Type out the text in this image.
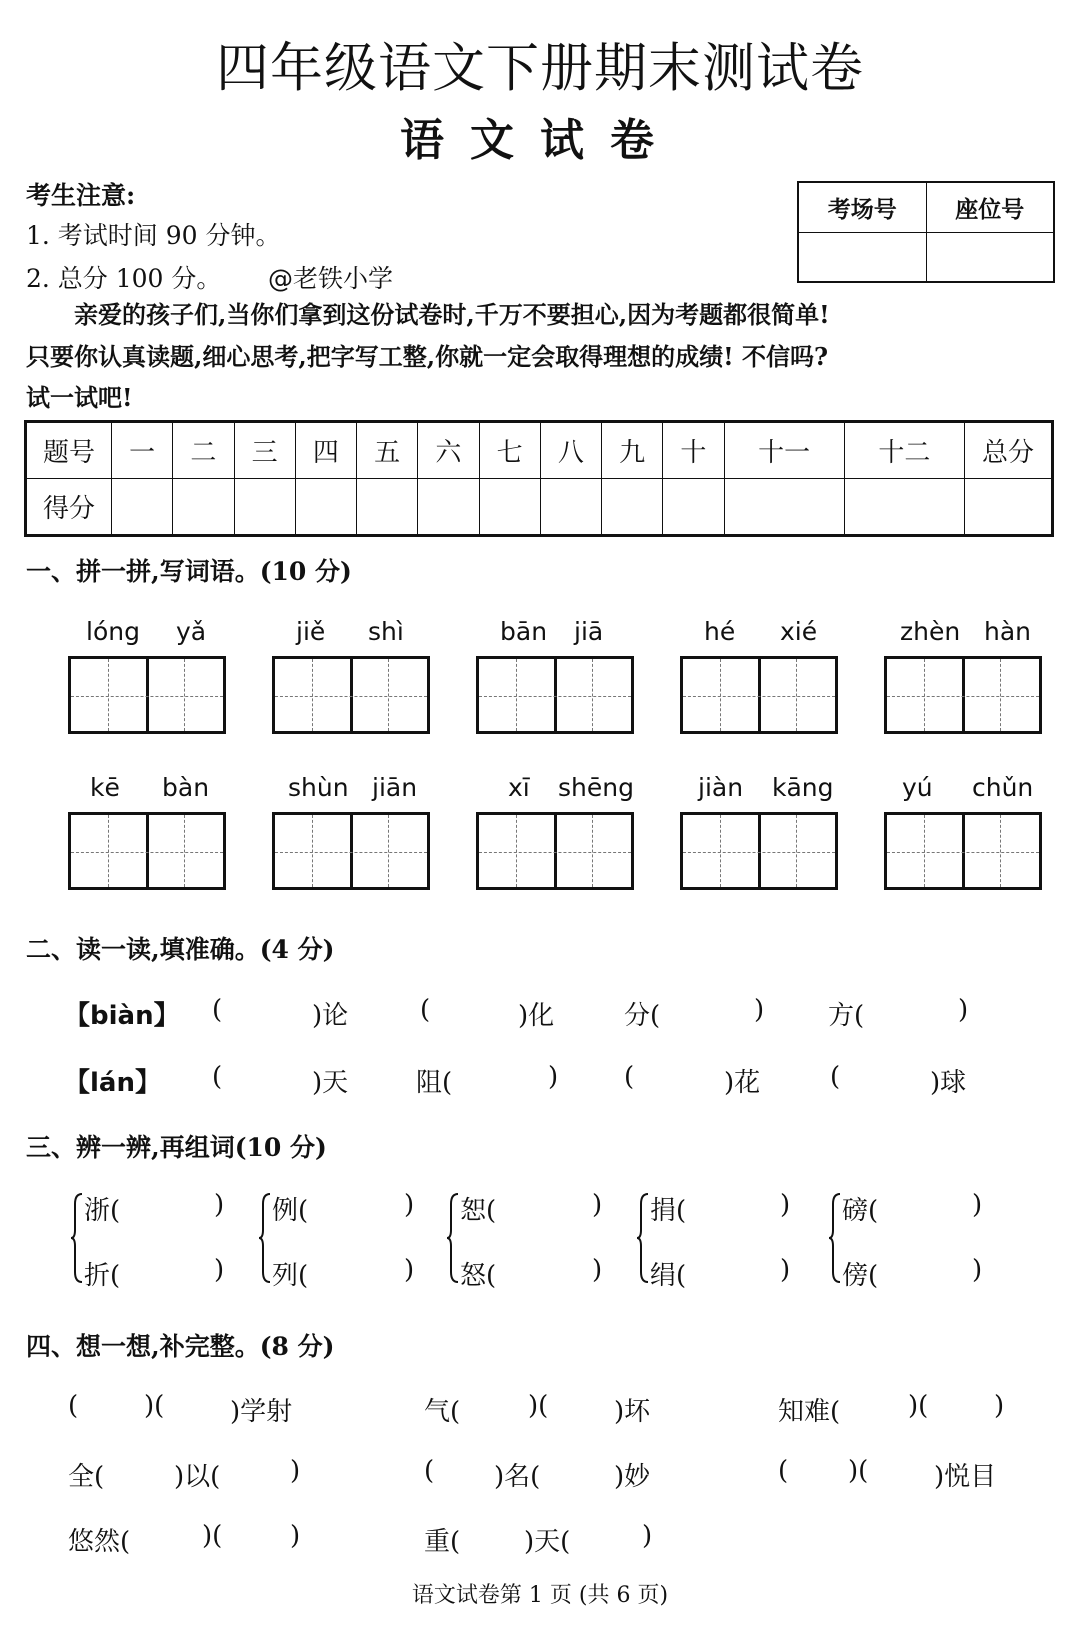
四年级语文下册期末测试卷
语文试卷
考生注意:
1. 考试时间 90 分钟。
2. 总分 100 分。 @老铁小学
考场号	座位号

亲爱的孩子们,当你们拿到这份试卷时,千万不要担心,因为考题都很简单!
只要你认真读题,细心思考,把字写工整,你就一定会取得理想的成绩! 不信吗?
试一试吧!
题号	一	二	三	四	五	六	七	八	九	十	十一	十二	总分
得分													
一、拼一拼,写词语。(10 分)
lóng yǎ	jiě shì	bān jiā	hé xié	zhèn hàn
kē bàn	shùn jiān	xī shēng	jiàn kāng	yú chǔn
二、读一读,填准确。(4 分)
【biàn】 (	)论	(	)化	分(	) 方(	)
【lán】 (	)天	阻(	)	(	)花	(	)球
三、辨一辨,再组词(10 分)
浙(	)
折(	)
例(	)
列(	)
恕(	)
怒(	)
捐(	)
绢(	)
磅(	)
傍(	)
四、想一想,补完整。(8 分)
(	)(	)学射	气(	)(	)坏	知难(	)(	)
全(	)以(	)	( )名(	)妙	( )(	)悦目
悠然(	)(	)	重( )天(	)
语文试卷第 1 页 (共 6 页)
